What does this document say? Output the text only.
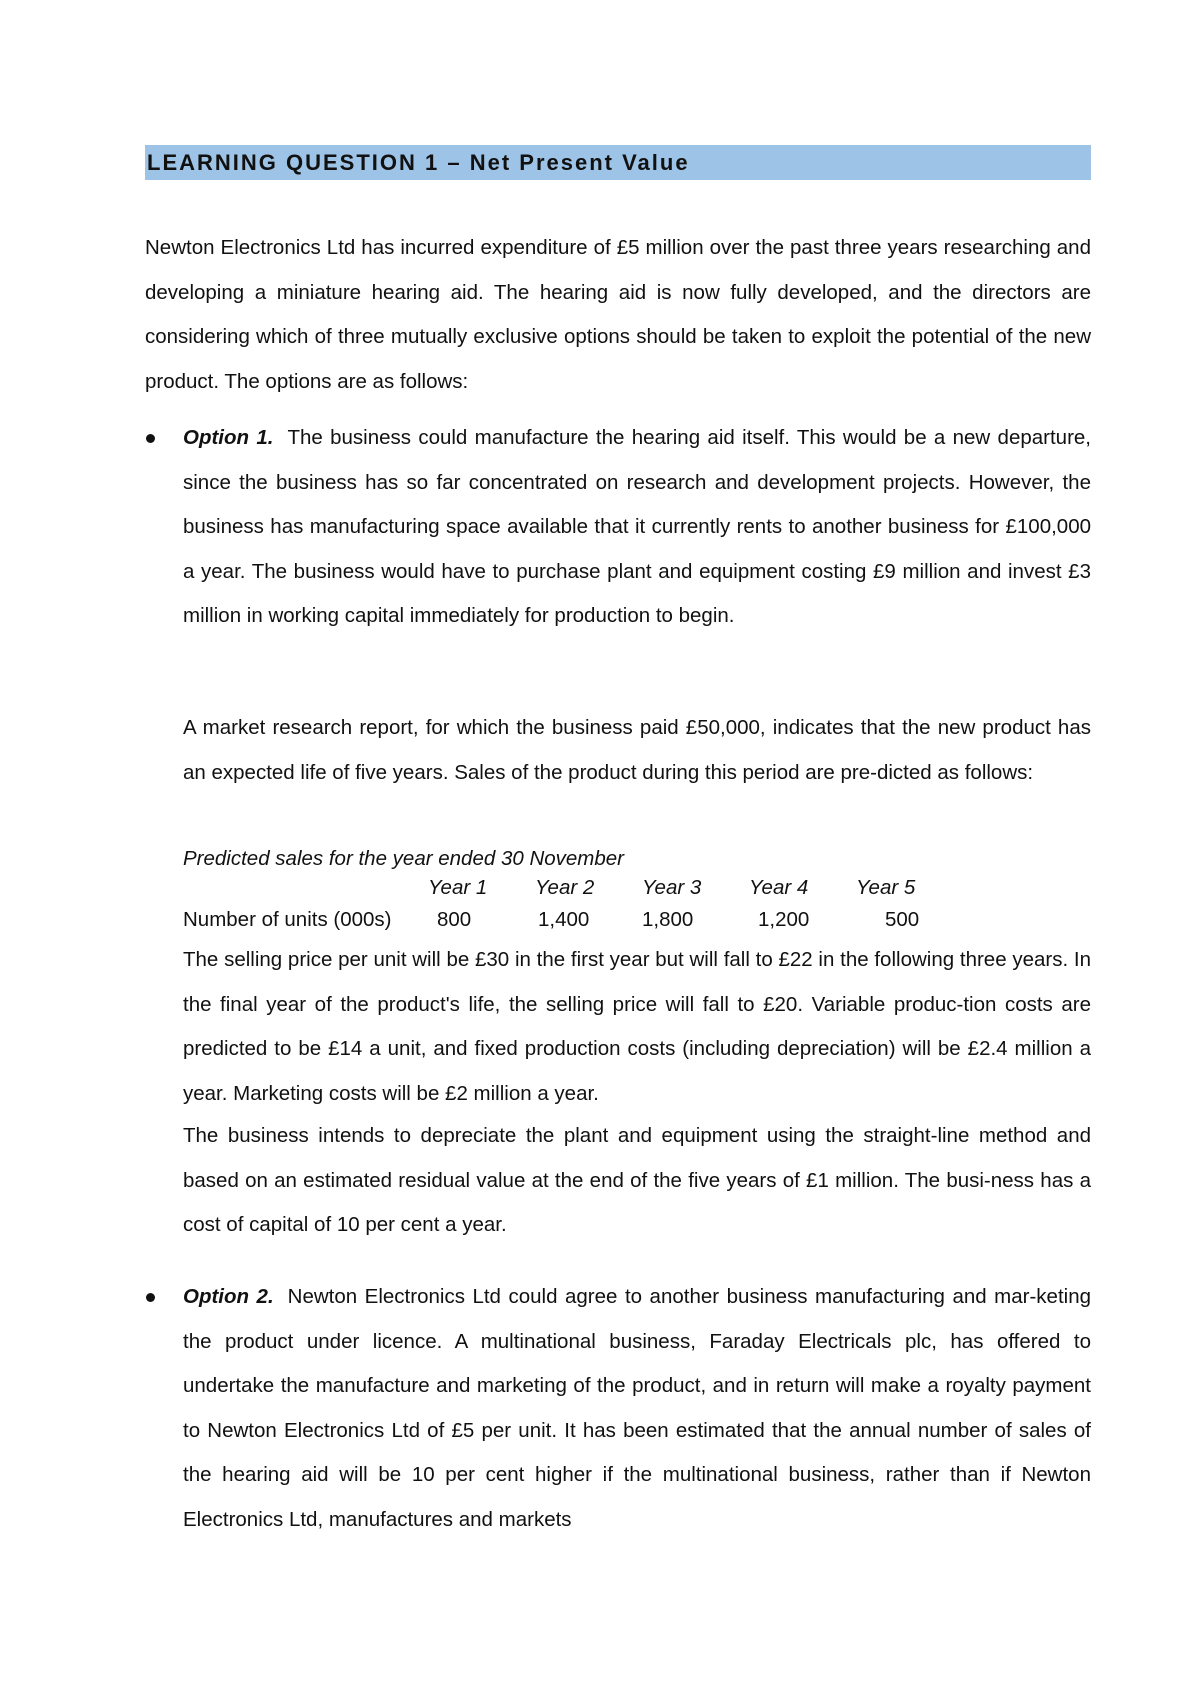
LEARNING QUESTION 1 – Net Present Value

Newton Electronics Ltd has incurred expenditure of £5 million over the past three years researching and developing a miniature hearing aid. The hearing aid is now fully developed, and the directors are considering which of three mutually exclusive options should be taken to exploit the potential of the new product. The options are as follows:

Option 1. The business could manufacture the hearing aid itself. This would be a new departure, since the business has so far concentrated on research and development projects. However, the business has manufacturing space available that it currently rents to another business for £100,000 a year. The business would have to purchase plant and equipment costing £9 million and invest £3 million in working capital immediately for production to begin.

A market research report, for which the business paid £50,000, indicates that the new product has an expected life of five years. Sales of the product during this period are pre-dicted as follows:

Predicted sales for the year ended 30 November
Year 1 Year 2 Year 3 Year 4 Year 5
Number of units (000s) 800	1,400	1,800	1,200	500

The selling price per unit will be £30 in the first year but will fall to £22 in the following three years. In the final year of the product's life, the selling price will fall to £20. Variable produc-tion costs are predicted to be £14 a unit, and fixed production costs (including depreciation) will be £2.4 million a year. Marketing costs will be £2 million a year.

The business intends to depreciate the plant and equipment using the straight-line method and based on an estimated residual value at the end of the five years of £1 million. The busi-ness has a cost of capital of 10 per cent a year.

Option 2. Newton Electronics Ltd could agree to another business manufacturing and mar-keting the product under licence. A multinational business, Faraday Electricals plc, has offered to undertake the manufacture and marketing of the product, and in return will make a royalty payment to Newton Electronics Ltd of £5 per unit. It has been estimated that the annual number of sales of the hearing aid will be 10 per cent higher if the multinational business, rather than if Newton Electronics Ltd, manufactures and markets
